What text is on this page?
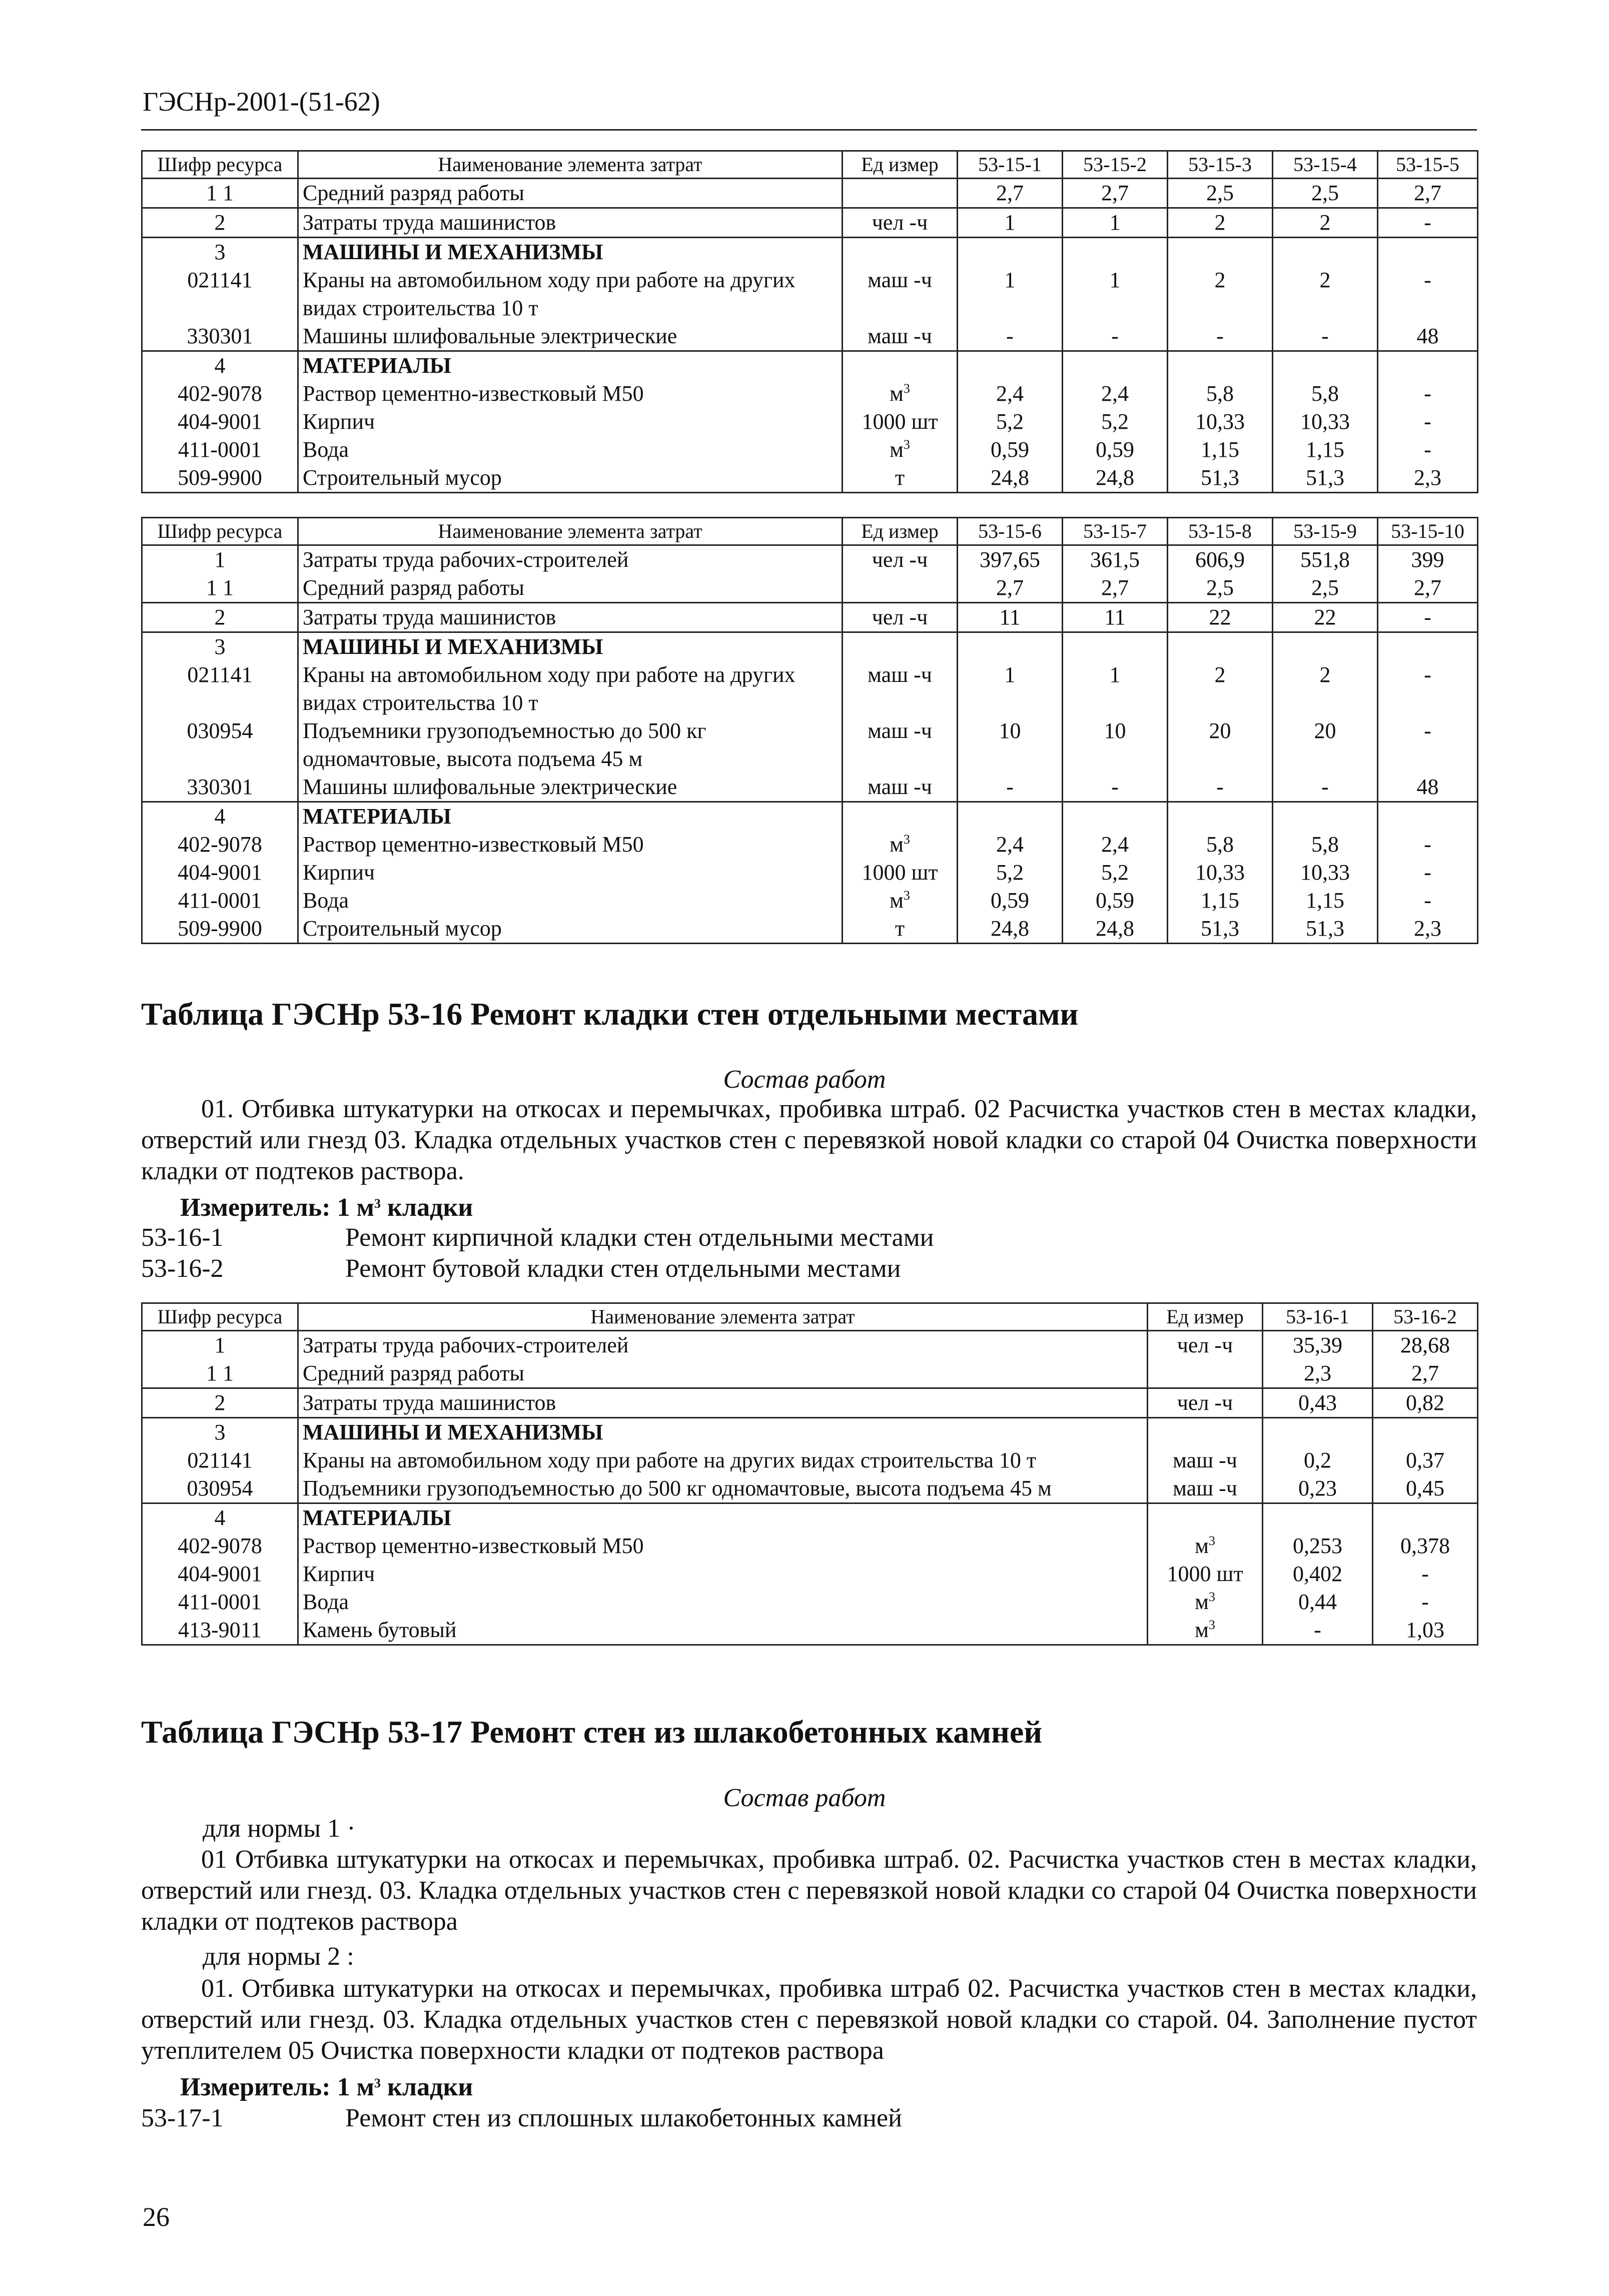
ГЭСНр-2001-(51-62)
Шифр ресурса	Наименование элемента затрат	Ед измер	53-15-1	53-15-2	53-15-3	53-15-4	53-15-5
1 1	Средний разряд работы		2,7	2,7	2,5	2,5	2,7
2	Затраты труда машинистов	чел -ч	1	1	2	2	-
3	МАШИНЫ И МЕХАНИЗМЫ						
021141	Краны на автомобильном ходу при работе на других видах строительства 10 т	маш -ч	1	1	2	2	-
330301	Машины шлифовальные электрические	маш -ч	-	-	-	-	48
4	МАТЕРИАЛЫ						
402-9078	Раствор цементно-известковый М50	$м^3$	2,4	2,4	5,8	5,8	-
404-9001	Кирпич	1000 шт	5,2	5,2	10,33	10,33	-
411-0001	Вода	$м^3$	0,59	0,59	1,15	1,15	-
509-9900	Строительный мусор	т	24,8	24,8	51,3	51,3	2,3
Шифр ресурса	Наименование элемента затрат	Ед измер	53-15-6	53-15-7	53-15-8	53-15-9	53-15-10
1	Затраты труда рабочих-строителей	чел -ч	397,65	361,5	606,9	551,8	399
1 1	Средний разряд работы		2,7	2,7	2,5	2,5	2,7
2	Затраты труда машинистов	чел -ч	11	11	22	22	-
3	МАШИНЫ И МЕХАНИЗМЫ						
021141	Краны на автомобильном ходу при работе на других видах строительства 10 т	маш -ч	1	1	2	2	-
030954	Подъемники грузоподъемностью до 500 кг одномачтовые, высота подъема 45 м	маш -ч	10	10	20	20	-
330301	Машины шлифовальные электрические	маш -ч	-	-	-	-	48
4	МАТЕРИАЛЫ						
402-9078	Раствор цементно-известковый М50	$м^3$	2,4	2,4	5,8	5,8	-
404-9001	Кирпич	1000 шт	5,2	5,2	10,33	10,33	-
411-0001	Вода	$м^3$	0,59	0,59	1,15	1,15	-
509-9900	Строительный мусор	т	24,8	24,8	51,3	51,3	2,3
Таблица ГЭСНр 53-16 Ремонт кладки стен отдельными местами
Состав работ
01. Отбивка штукатурки на откосах и перемычках, пробивка штраб. 02 Расчистка участков стен в местах кладки, отверстий или гнезд 03. Кладка отдельных участков стен с перевязкой новой кладки со старой 04 Очистка поверхности кладки от подтеков раствора.
Измеритель: 1 $м^3$ кладки
53-16-1	Ремонт кирпичной кладки стен отдельными местами
53-16-2	Ремонт бутовой кладки стен отдельными местами
Шифр ресурса	Наименование элемента затрат	Ед измер	53-16-1	53-16-2
1	Затраты труда рабочих-строителей	чел -ч	35,39	28,68
1 1	Средний разряд работы		2,3	2,7
2	Затраты труда машинистов	чел -ч	0,43	0,82
3	МАШИНЫ И МЕХАНИЗМЫ			
021141	Краны на автомобильном ходу при работе на других видах строительства 10 т	маш -ч	0,2	0,37
030954	Подъемники грузоподъемностью до 500 кг одномачтовые, высота подъема 45 м	маш -ч	0,23	0,45
4	МАТЕРИАЛЫ			
402-9078	Раствор цементно-известковый М50	$м^3$	0,253	0,378
404-9001	Кирпич	1000 шт	0,402	-
411-0001	Вода	$м^3$	0,44	-
413-9011	Камень бутовый	$м^3$	-	1,03
Таблица ГЭСНр 53-17 Ремонт стен из шлакобетонных камней
Состав работ
для нормы 1 ·
01 Отбивка штукатурки на откосах и перемычках, пробивка штраб. 02. Расчистка участков стен в местах кладки, отверстий или гнезд. 03. Кладка отдельных участков стен с перевязкой новой кладки со старой 04 Очистка поверхности кладки от подтеков раствора
для нормы 2 :
01. Отбивка штукатурки на откосах и перемычках, пробивка штраб 02. Расчистка участков стен в местах кладки, отверстий или гнезд. 03. Кладка отдельных участков стен с перевязкой новой кладки со старой. 04. Заполнение пустот утеплителем 05 Очистка поверхности кладки от подтеков раствора
Измеритель: 1 $м^3$ кладки
53-17-1	Ремонт стен из сплошных шлакобетонных камней
26
